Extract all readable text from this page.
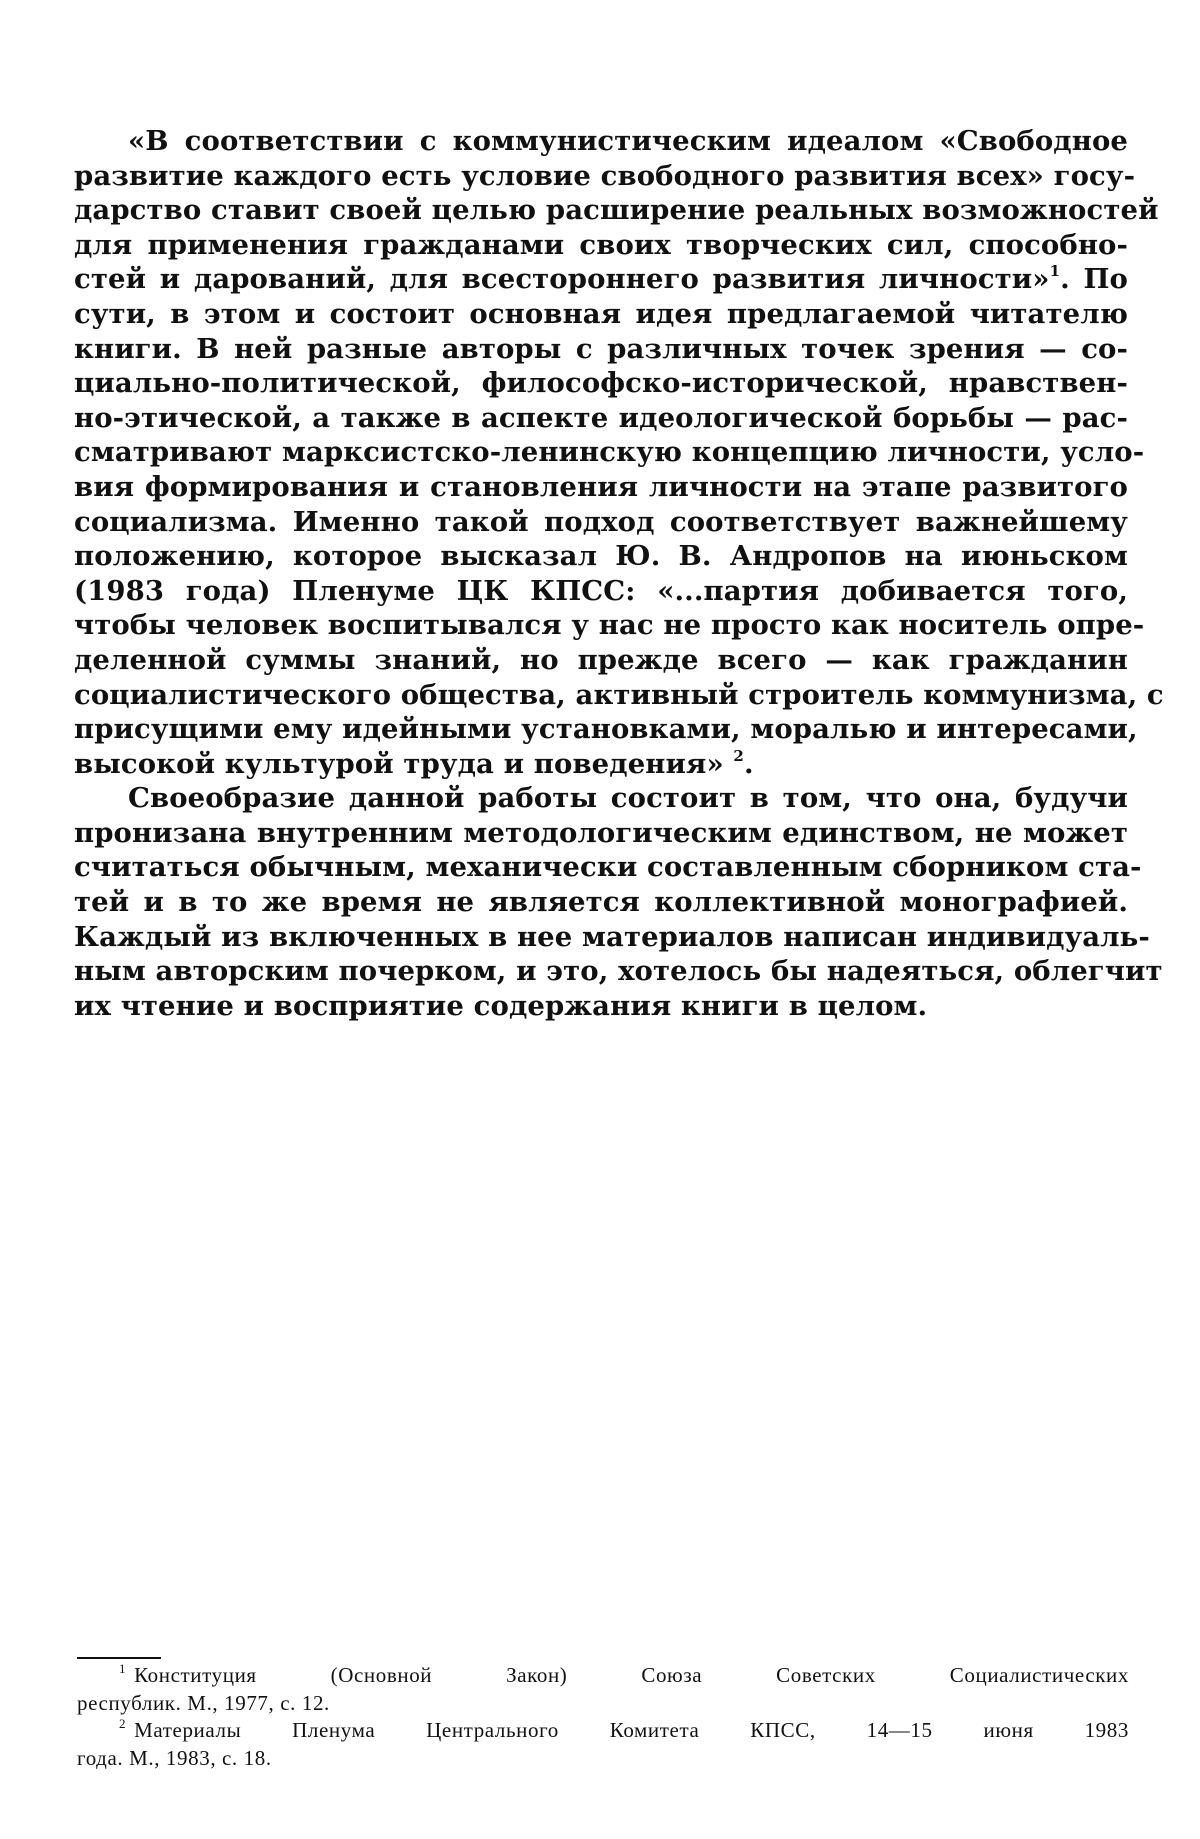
«В соответствии с коммунистическим идеалом «Свободное
развитие каждого есть условие свободного развития всех» госу-
дарство ставит своей целью расширение реальных возможностей
для применения гражданами своих творческих сил, способно-
стей и дарований, для всестороннего развития личности»$^1$. По
сути, в этом и состоит основная идея предлагаемой читателю
книги. В ней разные авторы с различных точек зрения — со-
циально-политической, философско-исторической, нравствен-
но-этической, а также в аспекте идеологической борьбы — рас-
сматривают марксистско-ленинскую концепцию личности, усло-
вия формирования и становления личности на этапе развитого
социализма. Именно такой подход соответствует важнейшему
положению, которое высказал Ю. В. Андропов на июньском
(1983 года) Пленуме ЦК КПСС: «...партия добивается того,
чтобы человек воспитывался у нас не просто как носитель опре-
деленной суммы знаний, но прежде всего — как гражданин
социалистического общества, активный строитель коммунизма, с
присущими ему идейными установками, моралью и интересами,
высокой культурой труда и поведения» $^2$.
Своеобразие данной работы состоит в том, что она, будучи
пронизана внутренним методологическим единством, не может
считаться обычным, механически составленным сборником ста-
тей и в то же время не является коллективной монографией.
Каждый из включенных в нее материалов написан индивидуаль-
ным авторским почерком, и это, хотелось бы надеяться, облегчит
их чтение и восприятие содержания книги в целом.
$^1$ Конституция (Основной Закон) Союза Советских Социалистических
республик. М., 1977, с. 12.
$^2$ Материалы Пленума Центрального Комитета КПСС, 14—15 июня 1983
года. М., 1983, с. 18.
